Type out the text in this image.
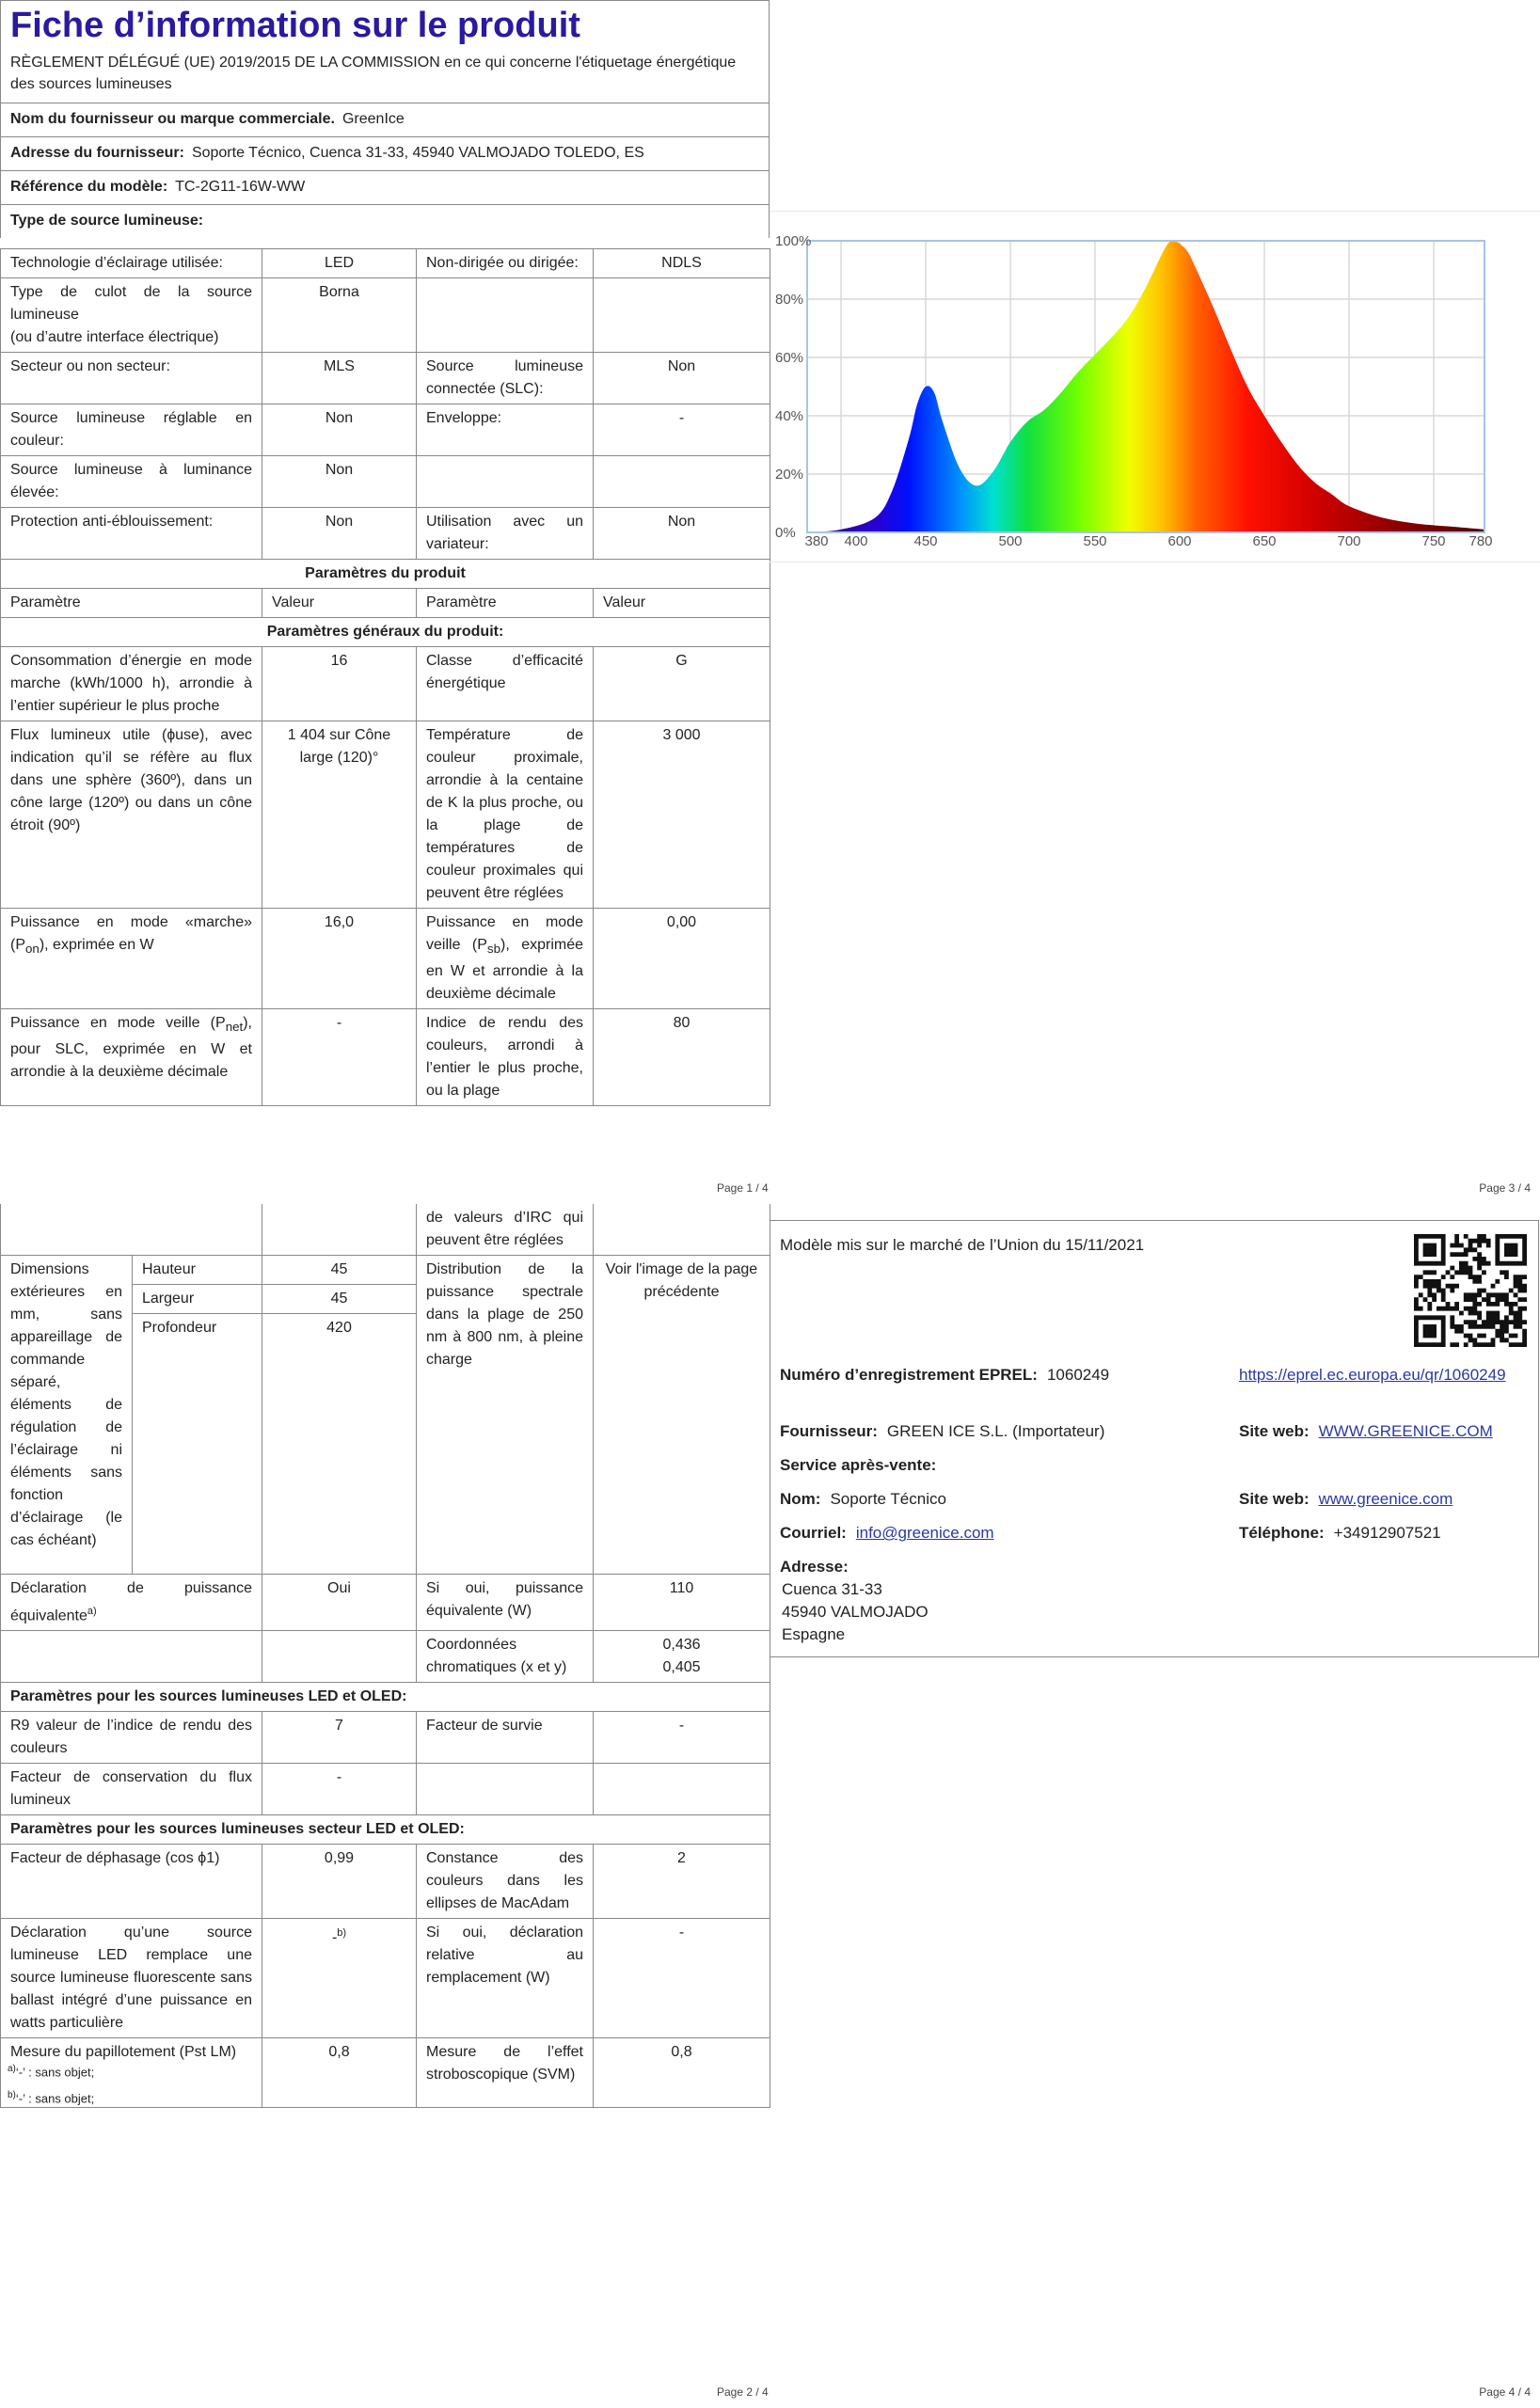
Fiche d’information sur le produit
RÈGLEMENT DÉLÉGUÉ (UE) 2019/2015 DE LA COMMISSION en ce qui concerne l'étiquetage énergétique des sources lumineuses
Nom du fournisseur ou marque commerciale. GreenIce
Adresse du fournisseur: Soporte Técnico, Cuenca 31-33, 45940 VALMOJADO TOLEDO, ES
Référence du modèle: TC-2G11-16W-WW
Type de source lumineuse:
Technologie d’éclairage utilisée:	LED	Non-dirigée ou dirigée:	NDLS

Type de culot de la source lumineuse
(ou d’autre interface électrique)	Borna		
Secteur ou non secteur:	MLS	Source lumineuse connectée (SLC):	Non
Source lumineuse réglable en couleur:	Non	Enveloppe:	-
Source lumineuse à luminance élevée:	Non		
Protection anti-éblouissement:	Non	Utilisation avec un variateur:	Non
Paramètres du produit			
Paramètre	Valeur	Paramètre	Valeur
Paramètres généraux du produit:			
Consommation d’énergie en mode marche (kWh/1000 h), arrondie à l’entier supérieur le plus proche	16	Classe d’efficacité énergétique	G
Flux lumineux utile (ɸuse), avec indication qu’il se réfère au flux dans une sphère (360º), dans un cône large (120º) ou dans un cône étroit (90º)	1 404 sur Cône large (120)°	Température de couleur proximale, arrondie à la centaine de K la plus proche, ou la plage de températures de couleur proximales qui peuvent être réglées	3 000
Puissance en mode «marche» $(P_{on})$, exprimée en W	16,0	Puissance en mode veille $(P_{sb})$, exprimée en W et arrondie à la deuxième décimale	0,00
Puissance en mode veille $(P_{net})$, pour SLC, exprimée en W et arrondie à la deuxième décimale	-	Indice de rendu des couleurs, arrondi à l’entier le plus proche, ou la plage	80
Page 1 / 4
			de valeurs d’IRC qui peuvent être réglées	
Dimensions extérieures en mm, sans appareillage de commande séparé, éléments de régulation de l’éclairage ni éléments sans fonction d’éclairage (le cas échéant)	Hauteur	45	Distribution de la puissance spectrale dans la plage de 250 nm à 800 nm, à pleine charge	Voir l'image de la page précédente
	Largeur	45		
	Profondeur	420		

Déclaration de puissance équivalente$^{a)}$		Oui	Si oui, puissance équivalente (W)	110
			Coordonnées chromatiques (x et y)	0,436
0,405

Paramètres pour les sources lumineuses LED et OLED:				
R9 valeur de l’indice de rendu des couleurs		7	Facteur de survie	-
Facteur de conservation du flux lumineux		-		
Paramètres pour les sources lumineuses secteur LED et OLED:				
Facteur de déphasage (cos ϕ1)		0,99	Constance des couleurs dans les ellipses de MacAdam	2
Déclaration qu’une source lumineuse LED remplace une source lumineuse fluorescente sans ballast intégré d’une puissance en watts particulière		-$^{b)}$	Si oui, déclaration relative au remplacement (W)	-
Mesure du papillotement (Pst LM)		0,8	Mesure de l’effet stroboscopique (SVM)	0,8
$^{a)}$‘-’ : sans objet;
$^{b)}$‘-’ : sans objet;
Page 2 / 4
380 400	450	500	550	600	650	700	750 780
0%
20%
40%
60%
80%
100%
Page 3 / 4
Modèle mis sur le marché de l’Union du 15/11/2021
Numéro d’enregistrement EPREL: 1060249	https://eprel.ec.europa.eu/qr/1060249
Fournisseur: GREEN ICE S.L. (Importateur)	Site web: WWW.GREENICE.COM
Service après-vente:
Nom: Soporte Técnico	Site web: www.greenice.com
Courriel: info@greenice.com	Téléphone: +34912907521
Adresse:
Cuenca 31-33
45940 VALMOJADO
Espagne
Page 4 / 4
